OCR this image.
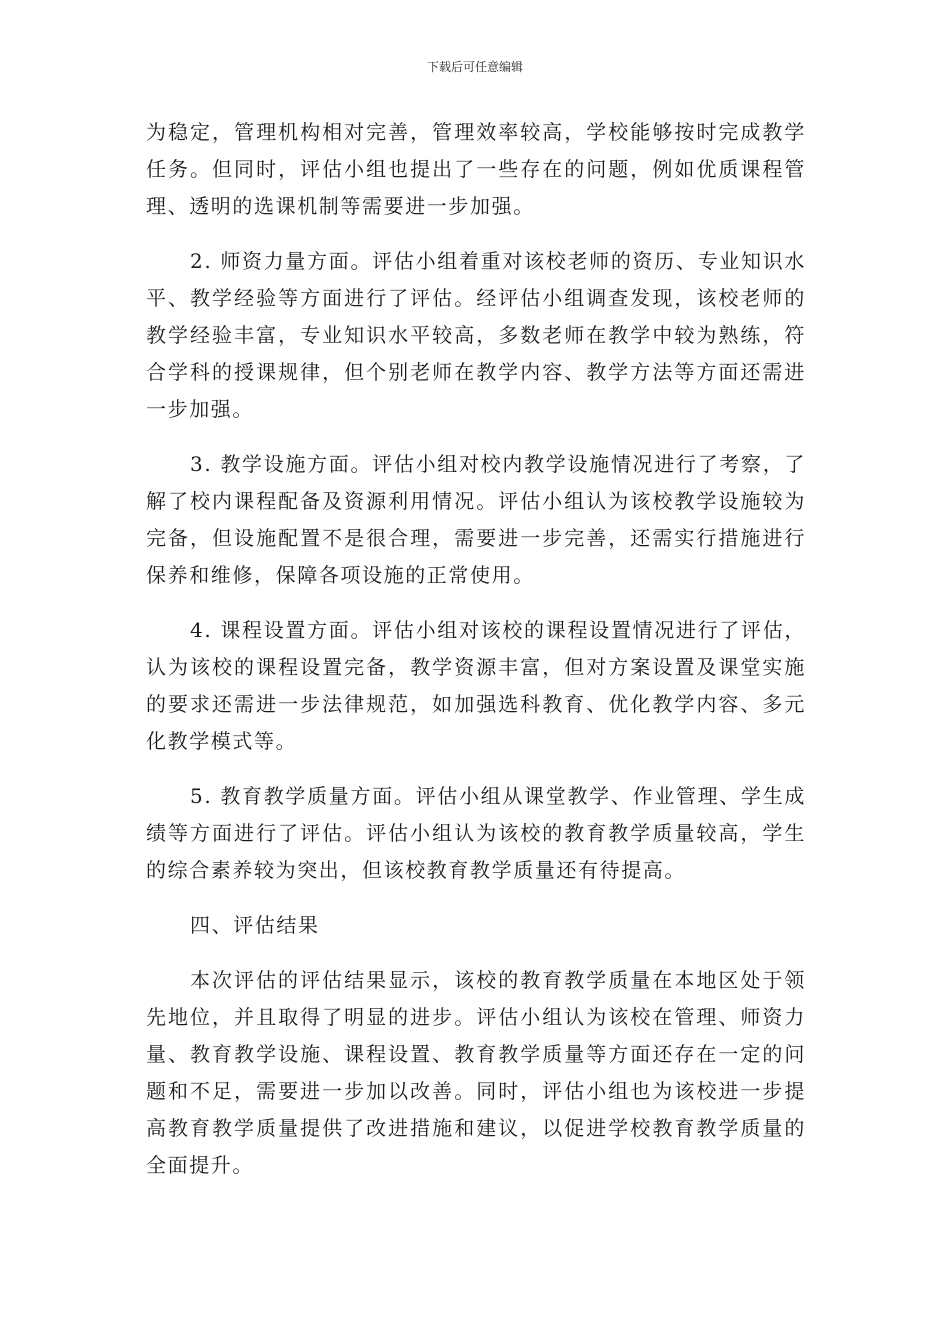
下载后可任意编辑

为稳定，管理机构相对完善，管理效率较高，学校能够按时完成教学任务。但同时，评估小组也提出了一些存在的问题，例如优质课程管理、透明的选课机制等需要进一步加强。

2. 师资力量方面。评估小组着重对该校老师的资历、专业知识水平、教学经验等方面进行了评估。经评估小组调查发现，该校老师的教学经验丰富，专业知识水平较高，多数老师在教学中较为熟练，符合学科的授课规律，但个别老师在教学内容、教学方法等方面还需进一步加强。

3. 教学设施方面。评估小组对校内教学设施情况进行了考察，了解了校内课程配备及资源利用情况。评估小组认为该校教学设施较为完备，但设施配置不是很合理，需要进一步完善，还需实行措施进行保养和维修，保障各项设施的正常使用。

4. 课程设置方面。评估小组对该校的课程设置情况进行了评估，认为该校的课程设置完备，教学资源丰富，但对方案设置及课堂实施的要求还需进一步法律规范，如加强选科教育、优化教学内容、多元化教学模式等。

5. 教育教学质量方面。评估小组从课堂教学、作业管理、学生成绩等方面进行了评估。评估小组认为该校的教育教学质量较高，学生的综合素养较为突出，但该校教育教学质量还有待提高。

四、评估结果

本次评估的评估结果显示，该校的教育教学质量在本地区处于领先地位，并且取得了明显的进步。评估小组认为该校在管理、师资力量、教育教学设施、课程设置、教育教学质量等方面还存在一定的问题和不足，需要进一步加以改善。同时，评估小组也为该校进一步提高教育教学质量提供了改进措施和建议，以促进学校教育教学质量的全面提升。
